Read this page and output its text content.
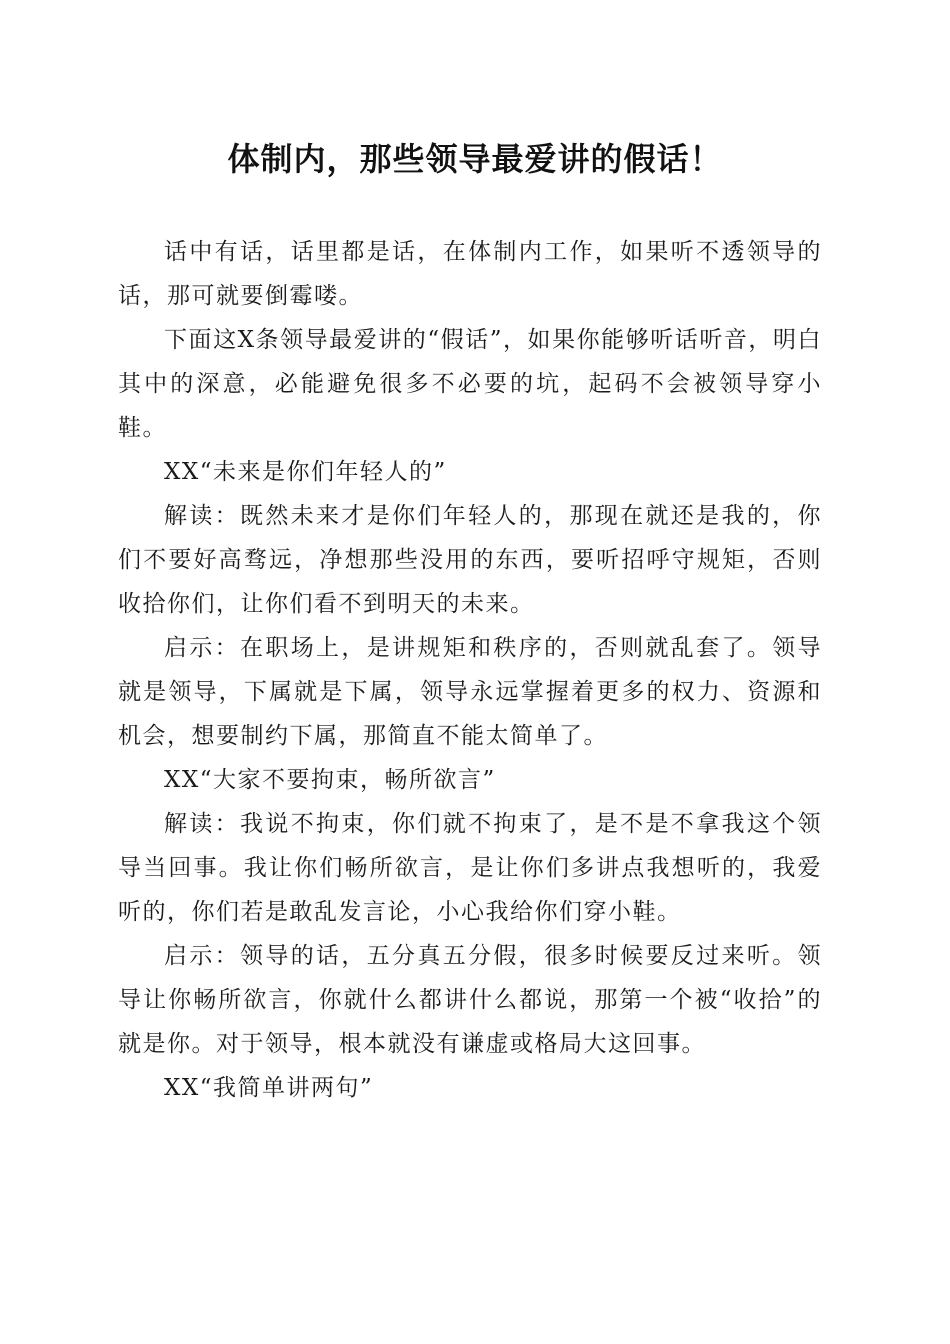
体制内，那些领导最爱讲的假话！

话中有话，话里都是话，在体制内工作，如果听不透领导的话，那可就要倒霉喽。

下面这X条领导最爱讲的“假话”，如果你能够听话听音，明白其中的深意，必能避免很多不必要的坑，起码不会被领导穿小鞋。

XX“未来是你们年轻人的”

解读：既然未来才是你们年轻人的，那现在就还是我的，你们不要好高骛远，净想那些没用的东西，要听招呼守规矩，否则收拾你们，让你们看不到明天的未来。

启示：在职场上，是讲规矩和秩序的，否则就乱套了。领导就是领导，下属就是下属，领导永远掌握着更多的权力、资源和机会，想要制约下属，那简直不能太简单了。

XX“大家不要拘束，畅所欲言”

解读：我说不拘束，你们就不拘束了，是不是不拿我这个领导当回事。我让你们畅所欲言，是让你们多讲点我想听的，我爱听的，你们若是敢乱发言论，小心我给你们穿小鞋。

启示：领导的话，五分真五分假，很多时候要反过来听。领导让你畅所欲言，你就什么都讲什么都说，那第一个被“收拾”的就是你。对于领导，根本就没有谦虚或格局大这回事。

XX“我简单讲两句”
